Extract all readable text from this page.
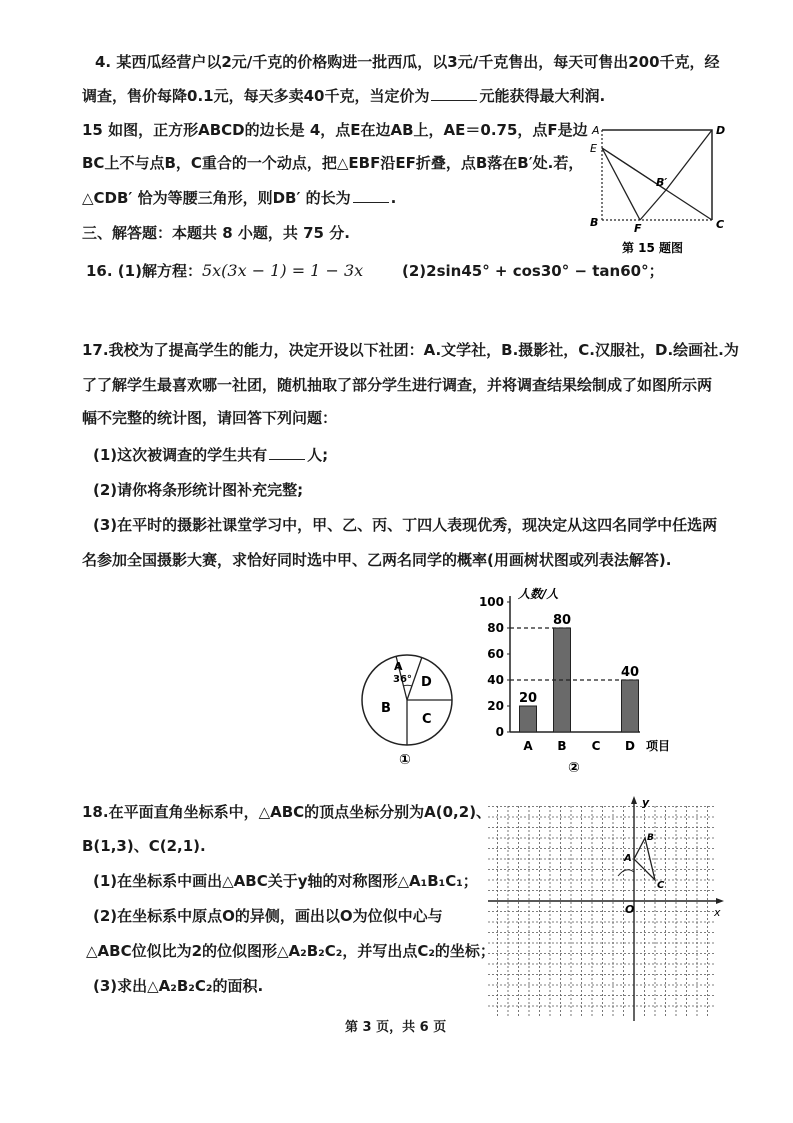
4. 某西瓜经营户以2元/千克的价格购进一批西瓜，以3元/千克售出，每天可售出200千克，经
调查，售价每降0.1元，每天多卖40千克，当定价为	元能获得最大利润.
15 如图，正方形ABCD的边长是 4，点E在边AB上，AE＝0.75，点F是边
BC上不与点B，C重合的一个动点，把△EBF沿EF折叠，点B落在B′处.若，
△CDB′ 恰为等腰三角形，则DB′ 的长为	.
A	D
E
B′
B	F	C
第 15 题图
三、解答题：本题共 8 小题，共 75 分.
16. (1)解方程：5x(3x − 1) = 1 − 3x	(2)2sin45° + cos30° − tan60°；
17.我校为了提高学生的能力，决定开设以下社团：A.文学社，B.摄影社，C.汉服社，D.绘画社.为
了了解学生最喜欢哪一社团，随机抽取了部分学生进行调查，并将调查结果绘制成了如图所示两
幅不完整的统计图，请回答下列问题：
(1)这次被调查的学生共有	人;
(2)请你将条形统计图补充完整;
(3)在平时的摄影社课堂学习中，甲、乙、丙、丁四人表现优秀，现决定从这四名同学中任选两
名参加全国摄影大赛，求恰好同时选中甲、乙两名同学的概率(用画树状图或列表法解答).
A
36°
B
C
D
①
人数/人
项目
0
20
40
60
80
100
A B C D
20
80
40
②
18.在平面直角坐标系中，△ABC的顶点坐标分别为A(0,2)、
B(1,3)、C(2,1).
(1)在坐标系中画出△ABC关于y轴的对称图形△A₁B₁C₁；
(2)在坐标系中原点O的异侧，画出以O为位似中心与
△ABC位似比为2的位似图形△A₂B₂C₂，并写出点C₂的坐标；
(3)求出△A₂B₂C₂的面积.
y
x
O
A
B
C
第 3 页，共 6 页
